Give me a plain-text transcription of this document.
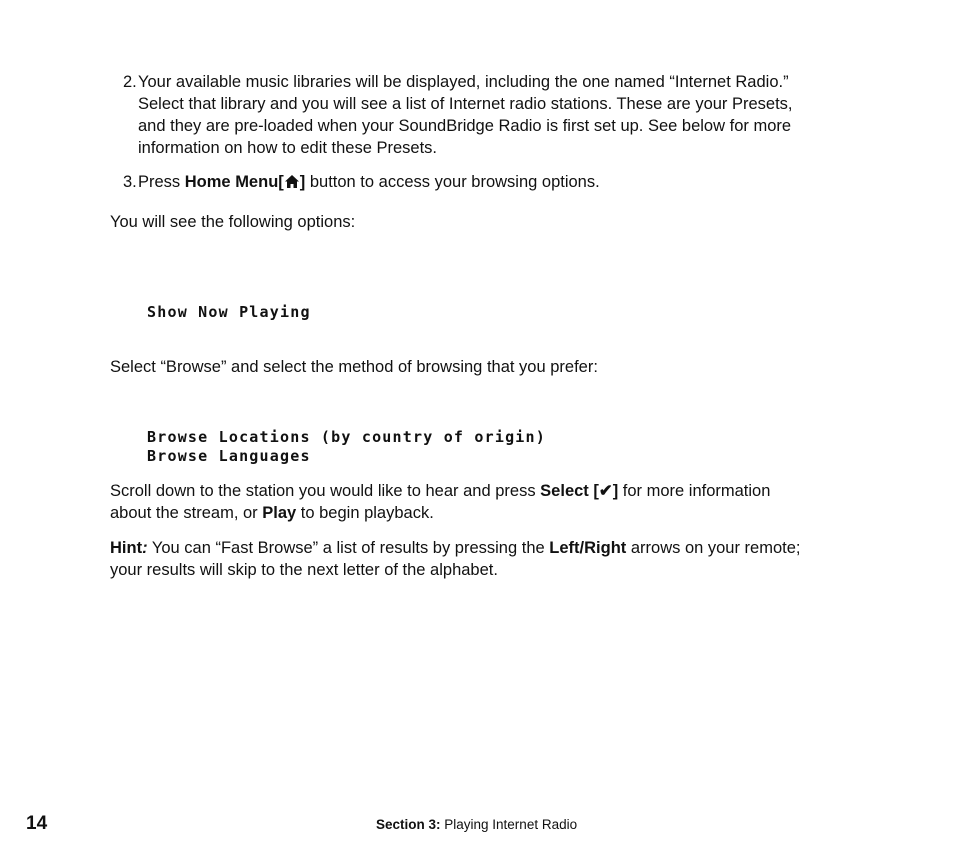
2. Your available music libraries will be displayed, including the one named “Internet Radio.”
Select that library and you will see a list of Internet radio stations. These are your Presets,
and they are pre-loaded when your SoundBridge Radio is first set up. See below for more
information on how to edit these Presets.
3. Press Home Menu[ ] button to access your browsing options.
You will see the following options:
Show Now Playing
Select “Browse” and select the method of browsing that you prefer:
Browse Locations (by country of origin)
Browse Languages
Scroll down to the station you would like to hear and press Select [✔] for more information
about the stream, or Play to begin playback.
Hint: You can “Fast Browse” a list of results by pressing the Left/Right arrows on your remote;
your results will skip to the next letter of the alphabet.
14	Section 3: Playing Internet Radio
